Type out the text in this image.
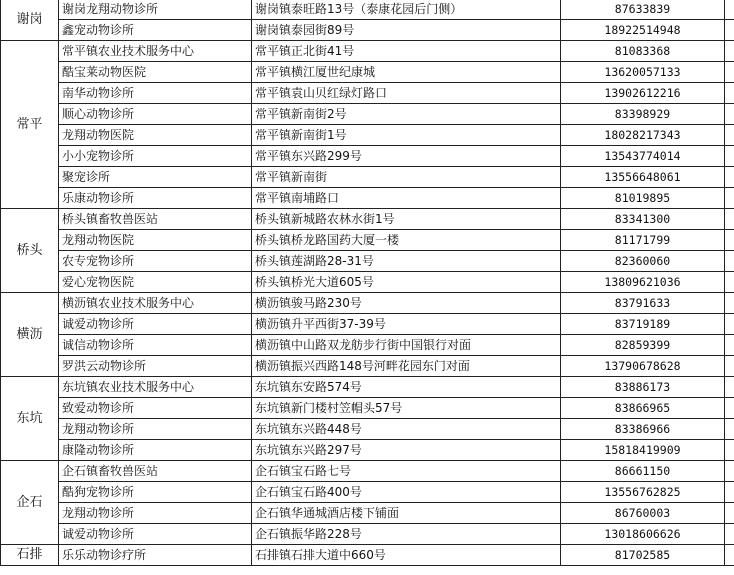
谢岗	谢岗龙翔动物诊所	谢岗镇泰旺路13号（泰康花园后门侧）	87633839	
	鑫宠动物诊所	谢岗镇泰园街89号	18922514948	
常平	常平镇农业技术服务中心	常平镇正北街41号	81083368	
	酷宝莱动物医院	常平镇横江厦世纪康城	13620057133	
	南华动物诊所	常平镇袁山贝红绿灯路口	13902612216	
	顺心动物诊所	常平镇新南街2号	83398929	
	龙翔动物医院	常平镇新南街1号	18028217343	
	小小宠物诊所	常平镇东兴路299号	13543774014	
	聚宠诊所	常平镇新南街	13556648061	
	乐康动物诊所	常平镇南埔路口	81019895	
桥头	桥头镇畜牧兽医站	桥头镇新城路农林水街1号	83341300	
	龙翔动物医院	桥头镇桥龙路国药大厦一楼	81171799	
	农专宠物诊所	桥头镇莲湖路28-31号	82360060	
	爱心宠物医院	桥头镇桥光大道605号	13809621036	
横沥	横沥镇农业技术服务中心	横沥镇骏马路230号	83791633	
	诚爱动物诊所	横沥镇升平西街37-39号	83719189	
	诚信动物诊所	横沥镇中山路双龙舫步行街中国银行对面	82859399	
	罗洪云动物诊所	横沥镇振兴西路148号河畔花园东门对面	13790678628	
东坑	东坑镇农业技术服务中心	东坑镇东安路574号	83886173	
	致爱动物诊所	东坑镇新门楼村笠帽头57号	83866965	
	龙翔动物诊所	东坑镇东兴路448号	83386966	
	康隆动物诊所	东坑镇东兴路297号	15818419909	
企石	企石镇畜牧兽医站	企石镇宝石路七号	86661150	
	酷狗宠物诊所	企石镇宝石路400号	13556762825	
	龙翔动物诊所	企石镇华通城酒店楼下铺面	86760003	
	诚爱动物诊所	企石镇振华路228号	13018606626	
石排	乐乐动物诊疗所	石排镇石排大道中660号	81702585	
